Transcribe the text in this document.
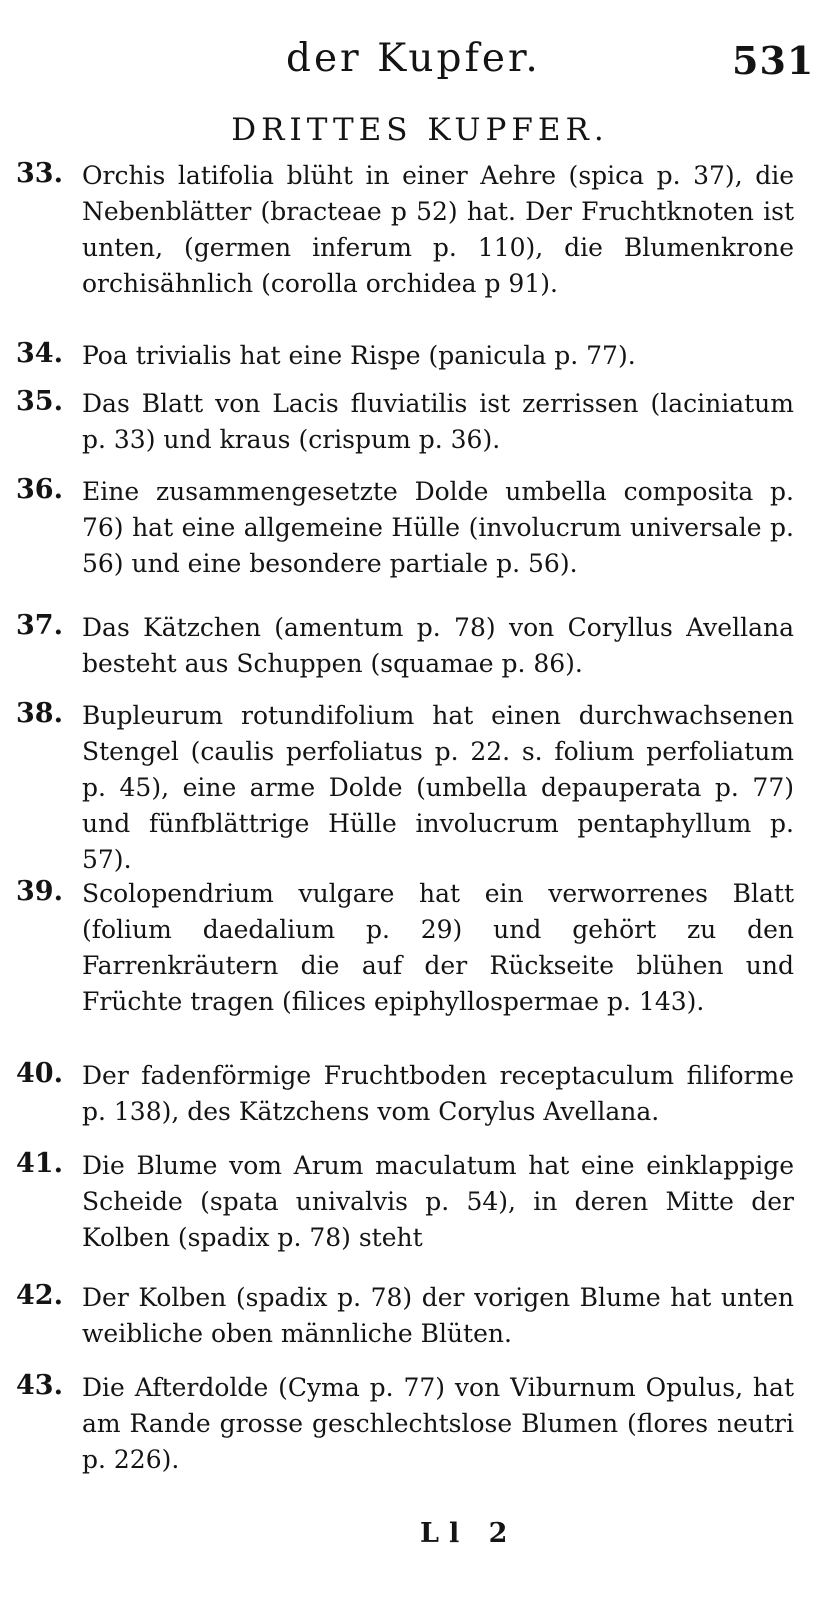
der Kupfer.	531
DRITTES KUPFER.
33. Orchis latifolia blüht in einer Aehre (spica p. 37), die Nebenblätter (bracteae p 52) hat. Der Fruchtknoten ist unten, (germen inferum p. 110), die Blumenkrone orchisähnlich (corolla orchidea p 91).
34. Poa trivialis hat eine Rispe (panicula p. 77).
35. Das Blatt von Lacis fluviatilis ist zerrissen (laciniatum p. 33) und kraus (crispum p. 36).
36. Eine zusammengesetzte Dolde umbella composita p. 76) hat eine allgemeine Hülle (involucrum universale p. 56) und eine besondere partiale p. 56).
37. Das Kätzchen (amentum p. 78) von Coryllus Avellana besteht aus Schuppen (squamae p. 86).
38. Bupleurum rotundifolium hat einen durchwachsenen Stengel (caulis perfoliatus p. 22. s. folium perfoliatum p. 45), eine arme Dolde (umbella depauperata p. 77) und fünfblättrige Hülle involucrum pentaphyllum p. 57).
39. Scolopendrium vulgare hat ein verworrenes Blatt (folium daedalium p. 29) und gehört zu den Farrenkräutern die auf der Rückseite blühen und Früchte tragen (filices epiphyllospermae p. 143).
40. Der fadenförmige Fruchtboden receptaculum filiforme p. 138), des Kätzchens vom Corylus Avellana.
41. Die Blume vom Arum maculatum hat eine einklappige Scheide (spata univalvis p. 54), in deren Mitte der Kolben (spadix p. 78) steht
42. Der Kolben (spadix p. 78) der vorigen Blume hat unten weibliche oben männliche Blüten.
43. Die Afterdolde (Cyma p. 77) von Viburnum Opulus, hat am Rande grosse geschlechtslose Blumen (flores neutri p. 226).
Ll 2
